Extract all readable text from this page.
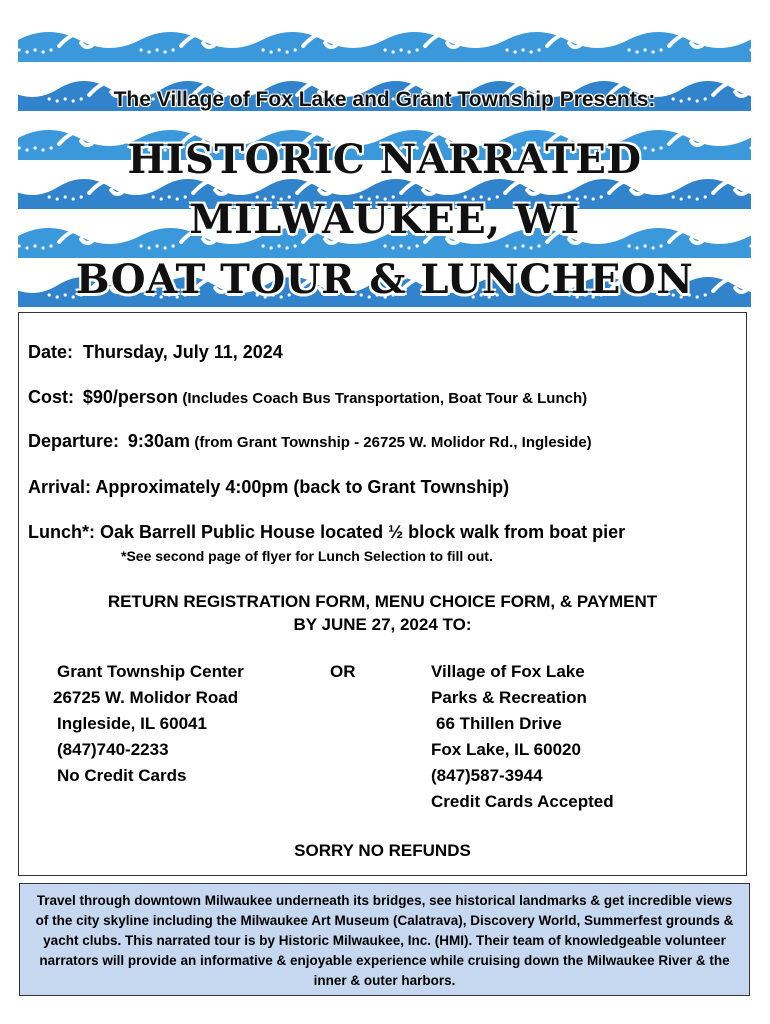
The Village of Fox Lake and Grant Township Presents:

HISTORIC NARRATED

MILWAUKEE, WI

BOAT TOUR & LUNCHEON

Date: Thursday, July 11, 2024
Cost: $90/person (Includes Coach Bus Transportation, Boat Tour & Lunch)
Departure: 9:30am (from Grant Township - 26725 W. Molidor Rd., Ingleside)
Arrival: Approximately 4:00pm (back to Grant Township)
Lunch*: Oak Barrell Public House located ½ block walk from boat pier
*See second page of flyer for Lunch Selection to fill out.
RETURN REGISTRATION FORM, MENU CHOICE FORM, & PAYMENT
BY JUNE 27, 2024 TO:
Grant Township Center
26725 W. Molidor Road
Ingleside, IL 60041
(847)740-2233
No Credit Cards
OR	Village of Fox Lake
Parks & Recreation
66 Thillen Drive
Fox Lake, IL 60020
(847)587-3944
Credit Cards Accepted
SORRY NO REFUNDS
Travel through downtown Milwaukee underneath its bridges, see historical landmarks & get incredible views of the city skyline including the Milwaukee Art Museum (Calatrava), Discovery World, Summerfest grounds & yacht clubs. This narrated tour is by Historic Milwaukee, Inc. (HMI). Their team of knowledgeable volunteer narrators will provide an informative & enjoyable experience while cruising down the Milwaukee River & the inner & outer harbors.
